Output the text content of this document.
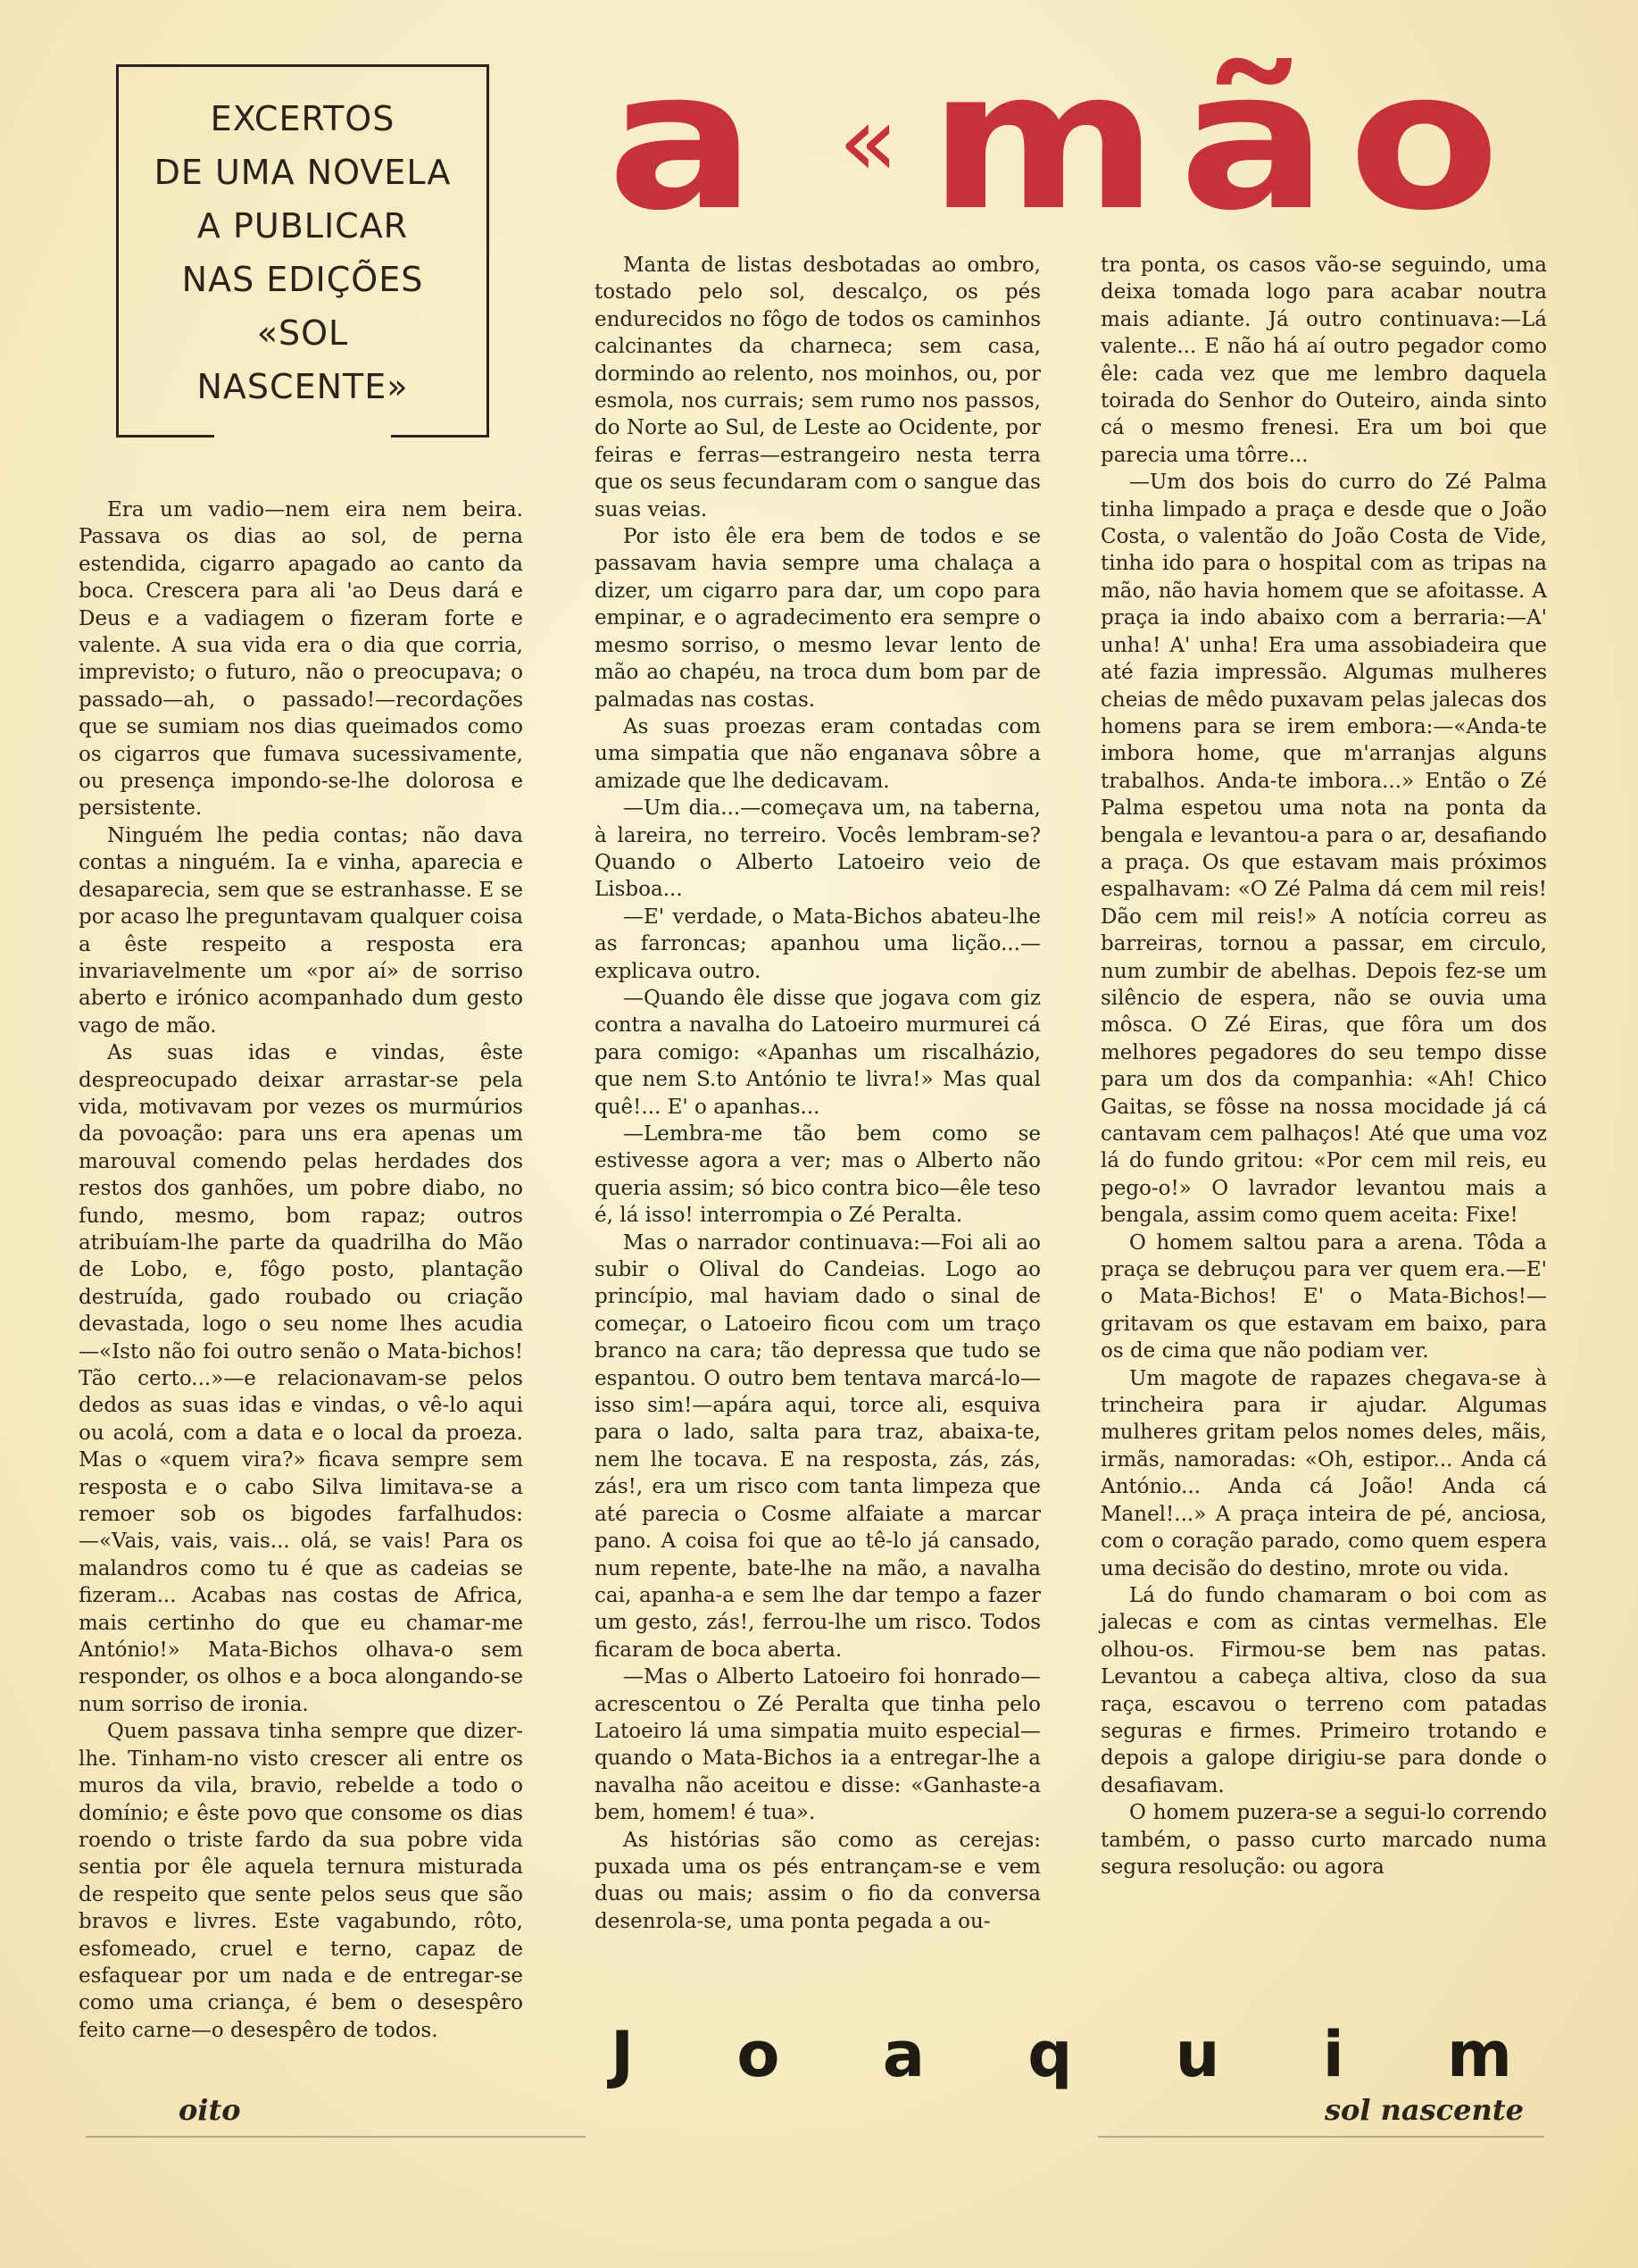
EXCERTOS
DE UMA NOVELA
A PUBLICAR
NAS EDIÇÕES
«SOL
NASCENTE»
a « mão

Era um vadio—nem eira nem beira. Passava os dias ao sol, de perna estendida, cigarro apagado ao canto da boca. Crescera para ali 'ao Deus dará e Deus e a vadiagem o fizeram forte e valente. A sua vida era o dia que corria, imprevisto; o futuro, não o preocupava; o passado—ah, o passado!—recordações que se sumiam nos dias queimados como os cigarros que fumava sucessivamente, ou presença impondo-se-lhe dolorosa e persistente.

Ninguém lhe pedia contas; não dava contas a ninguém. Ia e vinha, aparecia e desaparecia, sem que se estranhasse. E se por acaso lhe preguntavam qualquer coisa a êste respeito a resposta era invariavelmente um «por aí» de sorriso aberto e irónico acompanhado dum gesto vago de mão.

As suas idas e vindas, êste despreocupado deixar arrastar-se pela vida, motivavam por vezes os murmúrios da povoação: para uns era apenas um marouval comendo pelas herdades dos restos dos ganhões, um pobre diabo, no fundo, mesmo, bom rapaz; outros atribuíam-lhe parte da quadrilha do Mão de Lobo, e, fôgo posto, plantação destruída, gado roubado ou criação devastada, logo o seu nome lhes acudia—«Isto não foi outro senão o Mata-bichos! Tão certo...»—e relacionavam-se pelos dedos as suas idas e vindas, o vê-lo aqui ou acolá, com a data e o local da proeza. Mas o «quem vira?» ficava sempre sem resposta e o cabo Silva limitava-se a remoer sob os bigodes farfalhudos:—«Vais, vais, vais... olá, se vais! Para os malandros como tu é que as cadeias se fizeram... Acabas nas costas de Africa, mais certinho do que eu chamar-me António!» Mata-Bichos olhava-o sem responder, os olhos e a boca alongando-se num sorriso de ironia.

Quem passava tinha sempre que dizer-lhe. Tinham-no visto crescer ali entre os muros da vila, bravio, rebelde a todo o domínio; e êste povo que consome os dias roendo o triste fardo da sua pobre vida sentia por êle aquela ternura misturada de respeito que sente pelos seus que são bravos e livres. Este vagabundo, rôto, esfomeado, cruel e terno, capaz de esfaquear por um nada e de entregar-se como uma criança, é bem o desespêro feito carne—o desespêro de todos.

Manta de listas desbotadas ao ombro, tostado pelo sol, descalço, os pés endurecidos no fôgo de todos os caminhos calcinantes da charneca; sem casa, dormindo ao relento, nos moinhos, ou, por esmola, nos currais; sem rumo nos passos, do Norte ao Sul, de Leste ao Ocidente, por feiras e ferras—estrangeiro nesta terra que os seus fecundaram com o sangue das suas veias.

Por isto êle era bem de todos e se passavam havia sempre uma chalaça a dizer, um cigarro para dar, um copo para empinar, e o agradecimento era sempre o mesmo sorriso, o mesmo levar lento de mão ao chapéu, na troca dum bom par de palmadas nas costas.

As suas proezas eram contadas com uma simpatia que não enganava sôbre a amizade que lhe dedicavam.

—Um dia...—começava um, na taberna, à lareira, no terreiro. Vocês lembram-se? Quando o Alberto Latoeiro veio de Lisboa...

—E' verdade, o Mata-Bichos abateu-lhe as farroncas; apanhou uma lição...—explicava outro.

—Quando êle disse que jogava com giz contra a navalha do Latoeiro murmurei cá para comigo: «Apanhas um riscalházio, que nem S.to António te livra!» Mas qual quê!... E' o apanhas...

—Lembra-me tão bem como se estivesse agora a ver; mas o Alberto não queria assim; só bico contra bico—êle teso é, lá isso! interrompia o Zé Peralta.

Mas o narrador continuava:—Foi ali ao subir o Olival do Candeias. Logo ao princípio, mal haviam dado o sinal de começar, o Latoeiro ficou com um traço branco na cara; tão depressa que tudo se espantou. O outro bem tentava marcá-lo—isso sim!—apára aqui, torce ali, esquiva para o lado, salta para traz, abaixa-te, nem lhe tocava. E na resposta, zás, zás, zás!, era um risco com tanta limpeza que até parecia o Cosme alfaiate a marcar pano. A coisa foi que ao tê-lo já cansado, num repente, bate-lhe na mão, a navalha cai, apanha-a e sem lhe dar tempo a fazer um gesto, zás!, ferrou-lhe um risco. Todos ficaram de boca aberta.

—Mas o Alberto Latoeiro foi honrado—acrescentou o Zé Peralta que tinha pelo Latoeiro lá uma simpatia muito especial—quando o Mata-Bichos ia a entregar-lhe a navalha não aceitou e disse: «Ganhaste-a bem, homem! é tua».

As histórias são como as cerejas: puxada uma os pés entrançam-se e vem duas ou mais; assim o fio da conversa desenrola-se, uma ponta pegada a ou-

tra ponta, os casos vão-se seguindo, uma deixa tomada logo para acabar noutra mais adiante. Já outro continuava:—Lá valente... E não há aí outro pegador como êle: cada vez que me lembro daquela toirada do Senhor do Outeiro, ainda sinto cá o mesmo frenesi. Era um boi que parecia uma tôrre...

—Um dos bois do curro do Zé Palma tinha limpado a praça e desde que o João Costa, o valentão do João Costa de Vide, tinha ido para o hospital com as tripas na mão, não havia homem que se afoitasse. A praça ia indo abaixo com a berraria:—A' unha! A' unha! Era uma assobiadeira que até fazia impressão. Algumas mulheres cheias de mêdo puxavam pelas jalecas dos homens para se irem embora:—«Anda-te imbora home, que m'arranjas alguns trabalhos. Anda-te imbora...» Então o Zé Palma espetou uma nota na ponta da bengala e levantou-a para o ar, desafiando a praça. Os que estavam mais próximos espalhavam: «O Zé Palma dá cem mil reis! Dão cem mil reis!» A notícia correu as barreiras, tornou a passar, em circulo, num zumbir de abelhas. Depois fez-se um silêncio de espera, não se ouvia uma môsca. O Zé Eiras, que fôra um dos melhores pegadores do seu tempo disse para um dos da companhia: «Ah! Chico Gaitas, se fôsse na nossa mocidade já cá cantavam cem palhaços! Até que uma voz lá do fundo gritou: «Por cem mil reis, eu pego-o!» O lavrador levantou mais a bengala, assim como quem aceita: Fixe!

O homem saltou para a arena. Tôda a praça se debruçou para ver quem era.—E' o Mata-Bichos! E' o Mata-Bichos!—gritavam os que estavam em baixo, para os de cima que não podiam ver.

Um magote de rapazes chegava-se à trincheira para ir ajudar. Algumas mulheres gritam pelos nomes deles, mãis, irmãs, namoradas: «Oh, estipor... Anda cá António... Anda cá João! Anda cá Manel!...» A praça inteira de pé, anciosa, com o coração parado, como quem espera uma decisão do destino, mrote ou vida.

Lá do fundo chamaram o boi com as jalecas e com as cintas vermelhas. Ele olhou-os. Firmou-se bem nas patas. Levantou a cabeça altiva, closo da sua raça, escavou o terreno com patadas seguras e firmes. Primeiro trotando e depois a galope dirigiu-se para donde o desafiavam.

O homem puzera-se a segui-lo correndo também, o passo curto marcado numa segura resolução: ou agora

J o a q u i m
oito	sol nascente
